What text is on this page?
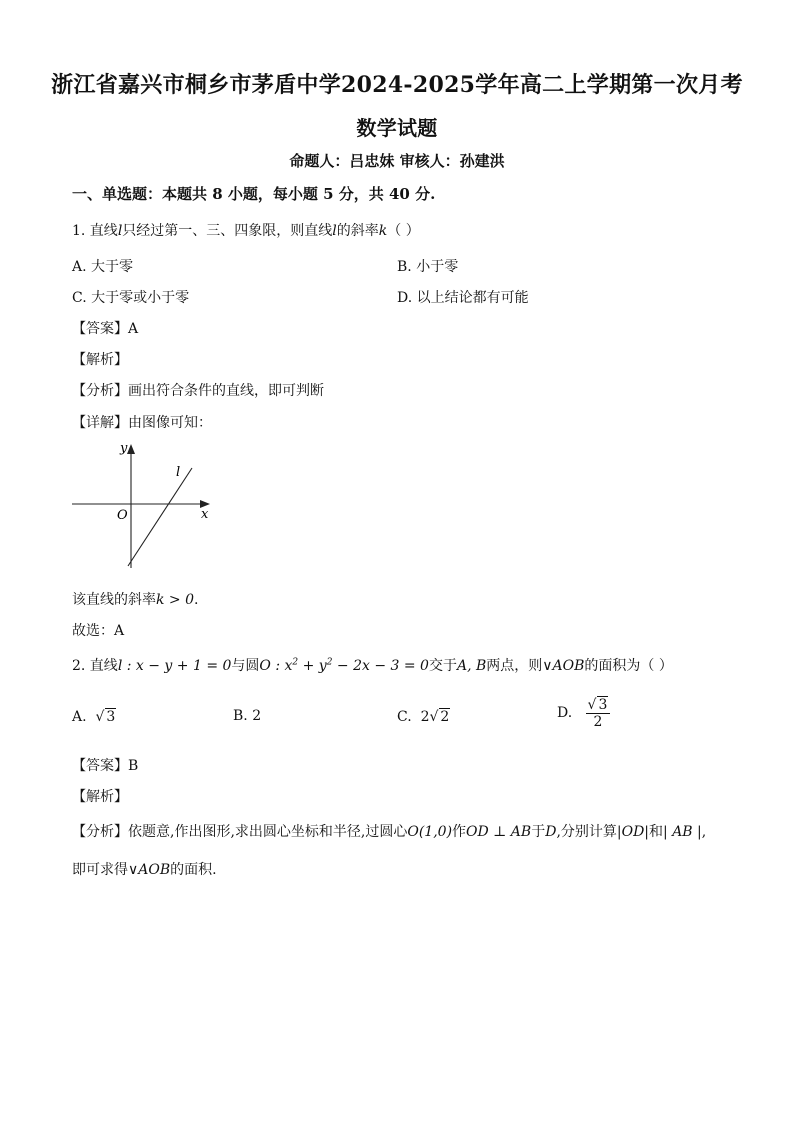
浙江省嘉兴市桐乡市茅盾中学2024-2025学年高二上学期第一次月考
数学试题
命题人：吕忠妹 审核人：孙建洪
一、单选题：本题共 8 小题，每小题 5 分，共 40 分.
1. 直线l只经过第一、三、四象限，则直线l的斜率k（ ）
A. 大于零	B. 小于零
C. 大于零或小于零	D. 以上结论都有可能
【答案】A
【解析】
【分析】画出符合条件的直线，即可判断
【详解】由图像可知：
y
x
O
l
该直线的斜率k > 0.
故选：A
2. 直线l : x − y + 1 = 0与圆O : $x^2 + y^2 - 2x - 3 = 0$交于A, B两点，则∨AOB的面积为（ ）
A.  √ 3	B. 2	C. 2√ 2	D. $\frac{√ 3}{2}$
【答案】B
【解析】
【分析】依题意,作出图形,求出圆心坐标和半径,过圆心O(1,0)作OD ⊥ AB于D,分别计算|OD|和| AB |,
即可求得∨AOB的面积.
